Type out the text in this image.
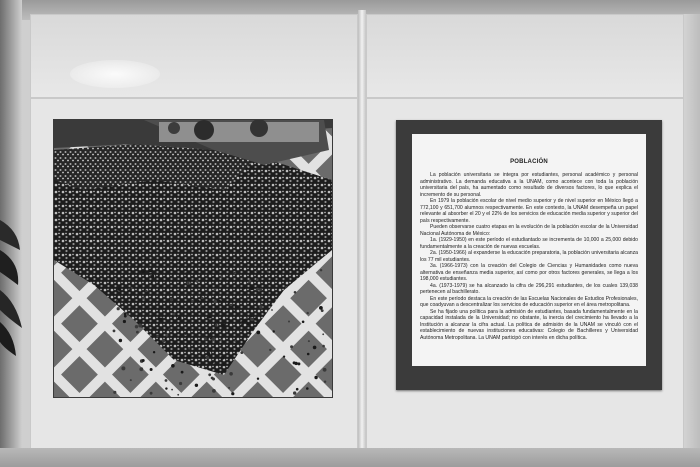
POBLACIÓN

La población universitaria se integra por estudiantes, personal académico y personal administrativo. La demanda educativa a la UNAM, como acontece con toda la población universitaria del país, ha aumentado como resultado de diversos factores, lo que explica el incremento de su personal.

En 1979 la población escolar de nivel medio superior y de nivel superior en México llegó a 772,100 y 651,700 alumnos respectivamente. En este contexto, la UNAM desempeña un papel relevante al absorber el 20 y el 22% de los servicios de educación media superior y superior del país respectivamente.

Pueden observarse cuatro etapas en la evolución de la población escolar de la Universidad Nacional Autónoma de México:

1a. (1929-1950) en este período el estudiantado se incrementa de 10,000 a 25,000 debido fundamentalmente a la creación de nuevas escuelas.

2a. (1950-1966) al expanderse la educación preparatoria, la población universitaria alcanza los 77 mil estudiantes.

3a. (1966-1973) con la creación del Colegio de Ciencias y Humanidades como nueva alternativa de enseñanza media superior, así como por otros factores generales, se llega a los 198,000 estudiantes.

4a. (1973-1979) se ha alcanzado la cifra de 296,291 estudiantes, de los cuales 139,038 pertenecen al bachillerato.

En este período destaca la creación de las Escuelas Nacionales de Estudios Profesionales, que coadyuvan a descentralizar los servicios de educación superior en el área metropolitana.

Se ha fijado una política para la admisión de estudiantes, basada fundamentalmente en la capacidad instalada de la Universidad; no obstante, la inercia del crecimiento ha llevado a la Institución a alcanzar la cifra actual. La política de admisión de la UNAM se vinculó con el establecimiento de nuevas instituciones educativas: Colegio de Bachilleres y Universidad Autónoma Metropolitana. La UNAM participó con interés en dicha política.
